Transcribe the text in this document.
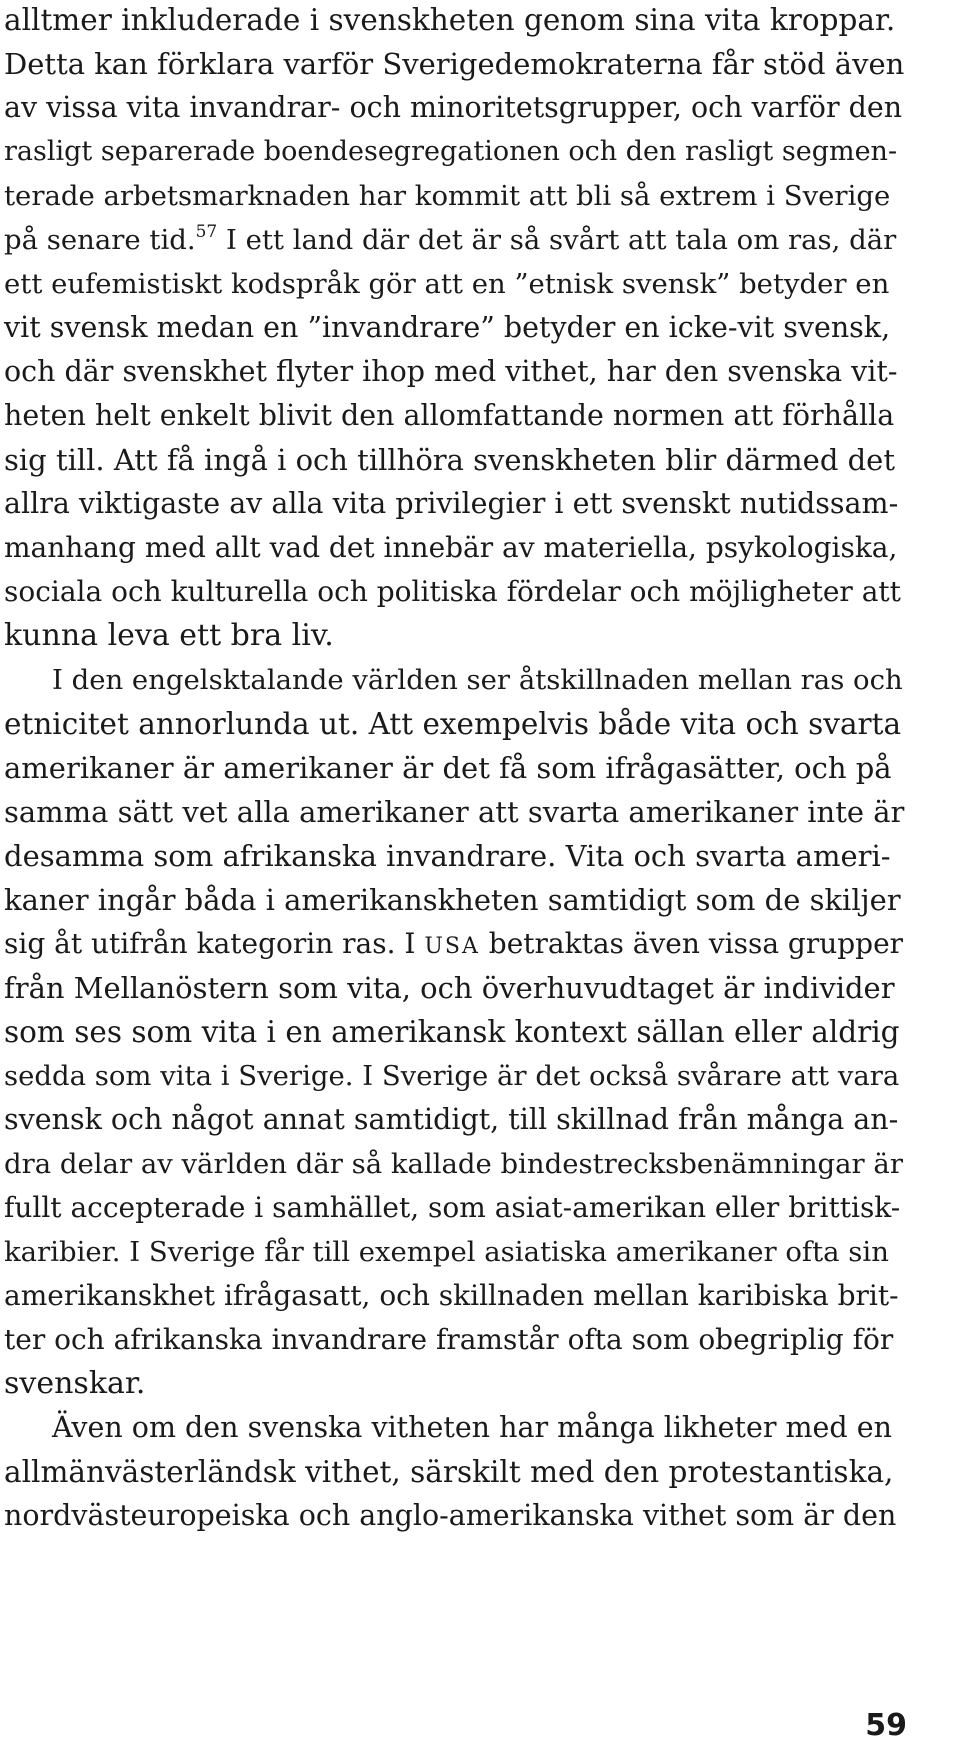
alltmer inkluderade i svenskheten genom sina vita kroppar.
Detta kan förklara varför Sverigedemokraterna får stöd även
av vissa vita invandrar- och minoritetsgrupper, och varför den
rasligt separerade boendesegregationen och den rasligt segmen-
terade arbetsmarknaden har kommit att bli så extrem i Sverige
på senare tid.$^{57}$ I ett land där det är så svårt att tala om ras, där
ett eufemistiskt kodspråk gör att en ”etnisk svensk” betyder en
vit svensk medan en ”invandrare” betyder en icke-vit svensk,
och där svenskhet flyter ihop med vithet, har den svenska vit-
heten helt enkelt blivit den allomfattande normen att förhålla
sig till. Att få ingå i och tillhöra svenskheten blir därmed det
allra viktigaste av alla vita privilegier i ett svenskt nutidssam-
manhang med allt vad det innebär av materiella, psykologiska,
sociala och kulturella och politiska fördelar och möjligheter att
kunna leva ett bra liv.
I den engelsktalande världen ser åtskillnaden mellan ras och
etnicitet annorlunda ut. Att exempelvis både vita och svarta
amerikaner är amerikaner är det få som ifrågasätter, och på
samma sätt vet alla amerikaner att svarta amerikaner inte är
desamma som afrikanska invandrare. Vita och svarta ameri-
kaner ingår båda i amerikanskheten samtidigt som de skiljer
sig åt utifrån kategorin ras. I USA betraktas även vissa grupper
från Mellanöstern som vita, och överhuvudtaget är individer
som ses som vita i en amerikansk kontext sällan eller aldrig
sedda som vita i Sverige. I Sverige är det också svårare att vara
svensk och något annat samtidigt, till skillnad från många an-
dra delar av världen där så kallade bindestrecksbenämningar är
fullt accepterade i samhället, som asiat-amerikan eller brittisk-
karibier. I Sverige får till exempel asiatiska amerikaner ofta sin
amerikanskhet ifrågasatt, och skillnaden mellan karibiska brit-
ter och afrikanska invandrare framstår ofta som obegriplig för
svenskar.
Även om den svenska vitheten har många likheter med en
allmänvästerländsk vithet, särskilt med den protestantiska,
nordvästeuropeiska och anglo-amerikanska vithet som är den
59
